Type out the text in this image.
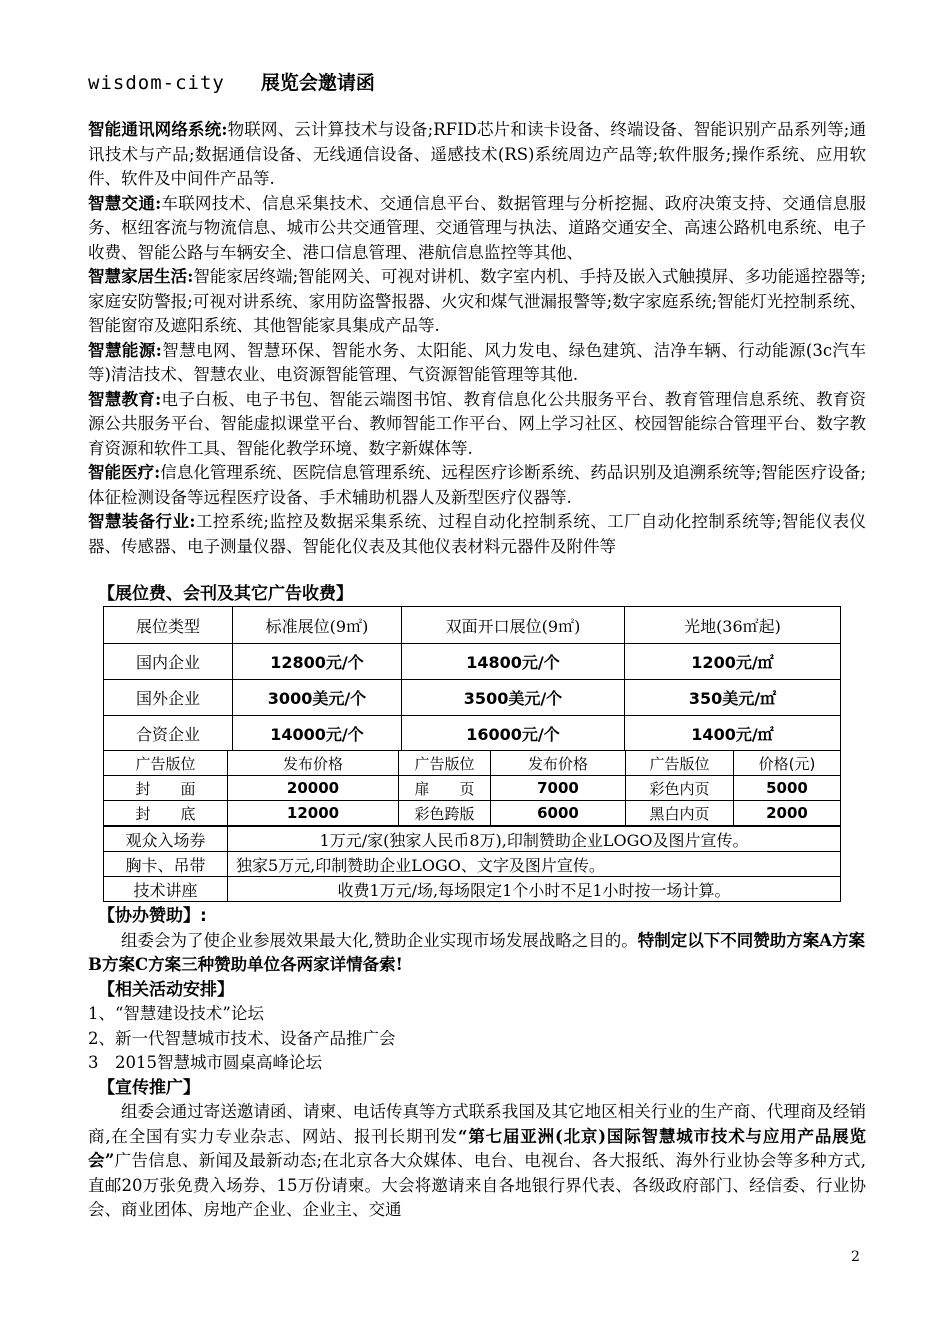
wisdom-city 展览会邀请函

智能通讯网络系统:物联网、云计算技术与设备;RFID芯片和读卡设备、终端设备、智能识别产品系列等;通讯技术与产品;数据通信设备、无线通信设备、遥感技术(RS)系统周边产品等;软件服务;操作系统、应用软件、软件及中间件产品等.

智慧交通:车联网技术、信息采集技术、交通信息平台、数据管理与分析挖掘、政府决策支持、交通信息服务、枢纽客流与物流信息、城市公共交通管理、交通管理与执法、道路交通安全、高速公路机电系统、电子收费、智能公路与车辆安全、港口信息管理、港航信息监控等其他、

智慧家居生活:智能家居终端;智能网关、可视对讲机、数字室内机、手持及嵌入式触摸屏、多功能遥控器等;家庭安防警报;可视对讲系统、家用防盗警报器、火灾和煤气泄漏报警等;数字家庭系统;智能灯光控制系统、智能窗帘及遮阳系统、其他智能家具集成产品等.

智慧能源:智慧电网、智慧环保、智能水务、太阳能、风力发电、绿色建筑、洁净车辆、行动能源(3c汽车等)清洁技术、智慧农业、电资源智能管理、气资源智能管理等其他.

智慧教育:电子白板、电子书包、智能云端图书馆、教育信息化公共服务平台、教育管理信息系统、教育资源公共服务平台、智能虚拟课堂平台、教师智能工作平台、网上学习社区、校园智能综合管理平台、数字教育资源和软件工具、智能化教学环境、数字新媒体等.

智能医疗:信息化管理系统、医院信息管理系统、远程医疗诊断系统、药品识别及追溯系统等;智能医疗设备;体征检测设备等远程医疗设备、手术辅助机器人及新型医疗仪器等.

智慧装备行业:工控系统;监控及数据采集系统、过程自动化控制系统、工厂自动化控制系统等;智能仪表仪器、传感器、电子测量仪器、智能化仪表及其他仪表材料元器件及附件等

【展位费、会刊及其它广告收费】
展位类型	标准展位(9㎡)	双面开口展位(9㎡)	光地(36㎡起)
国内企业	12800元/个	14800元/个	1200元/㎡
国外企业	3000美元/个	3500美元/个	350美元/㎡
合资企业	14000元/个	16000元/个	1400元/㎡
广告版位	发布价格	广告版位	发布价格	广告版位	价格(元)
封　　面	20000	扉　　页	7000	彩色内页	5000
封　　底	12000	彩色跨版	6000	黑白内页	2000
观众入场券	1万元/家(独家人民币8万),印制赞助企业LOGO及图片宣传。
胸卡、吊带	独家5万元,印制赞助企业LOGO、文字及图片宣传。
技术讲座	收费1万元/场,每场限定1个小时不足1小时按一场计算。
【协办赞助】:
组委会为了使企业参展效果最大化,赞助企业实现市场发展战略之目的。特制定以下不同赞助方案A方案B方案C方案三种赞助单位各两家详情备索!
【相关活动安排】
1、“智慧建设技术”论坛
2、新一代智慧城市技术、设备产品推广会
3　2015智慧城市圆桌高峰论坛
【宣传推广】
组委会通过寄送邀请函、请柬、电话传真等方式联系我国及其它地区相关行业的生产商、代理商及经销商,在全国有实力专业杂志、网站、报刊长期刊发“第七届亚洲(北京)国际智慧城市技术与应用产品展览会”广告信息、新闻及最新动态;在北京各大众媒体、电台、电视台、各大报纸、海外行业协会等多种方式,直邮20万张免费入场券、15万份请柬。大会将邀请来自各地银行界代表、各级政府部门、经信委、行业协会、商业团体、房地产企业、企业主、交通
2
